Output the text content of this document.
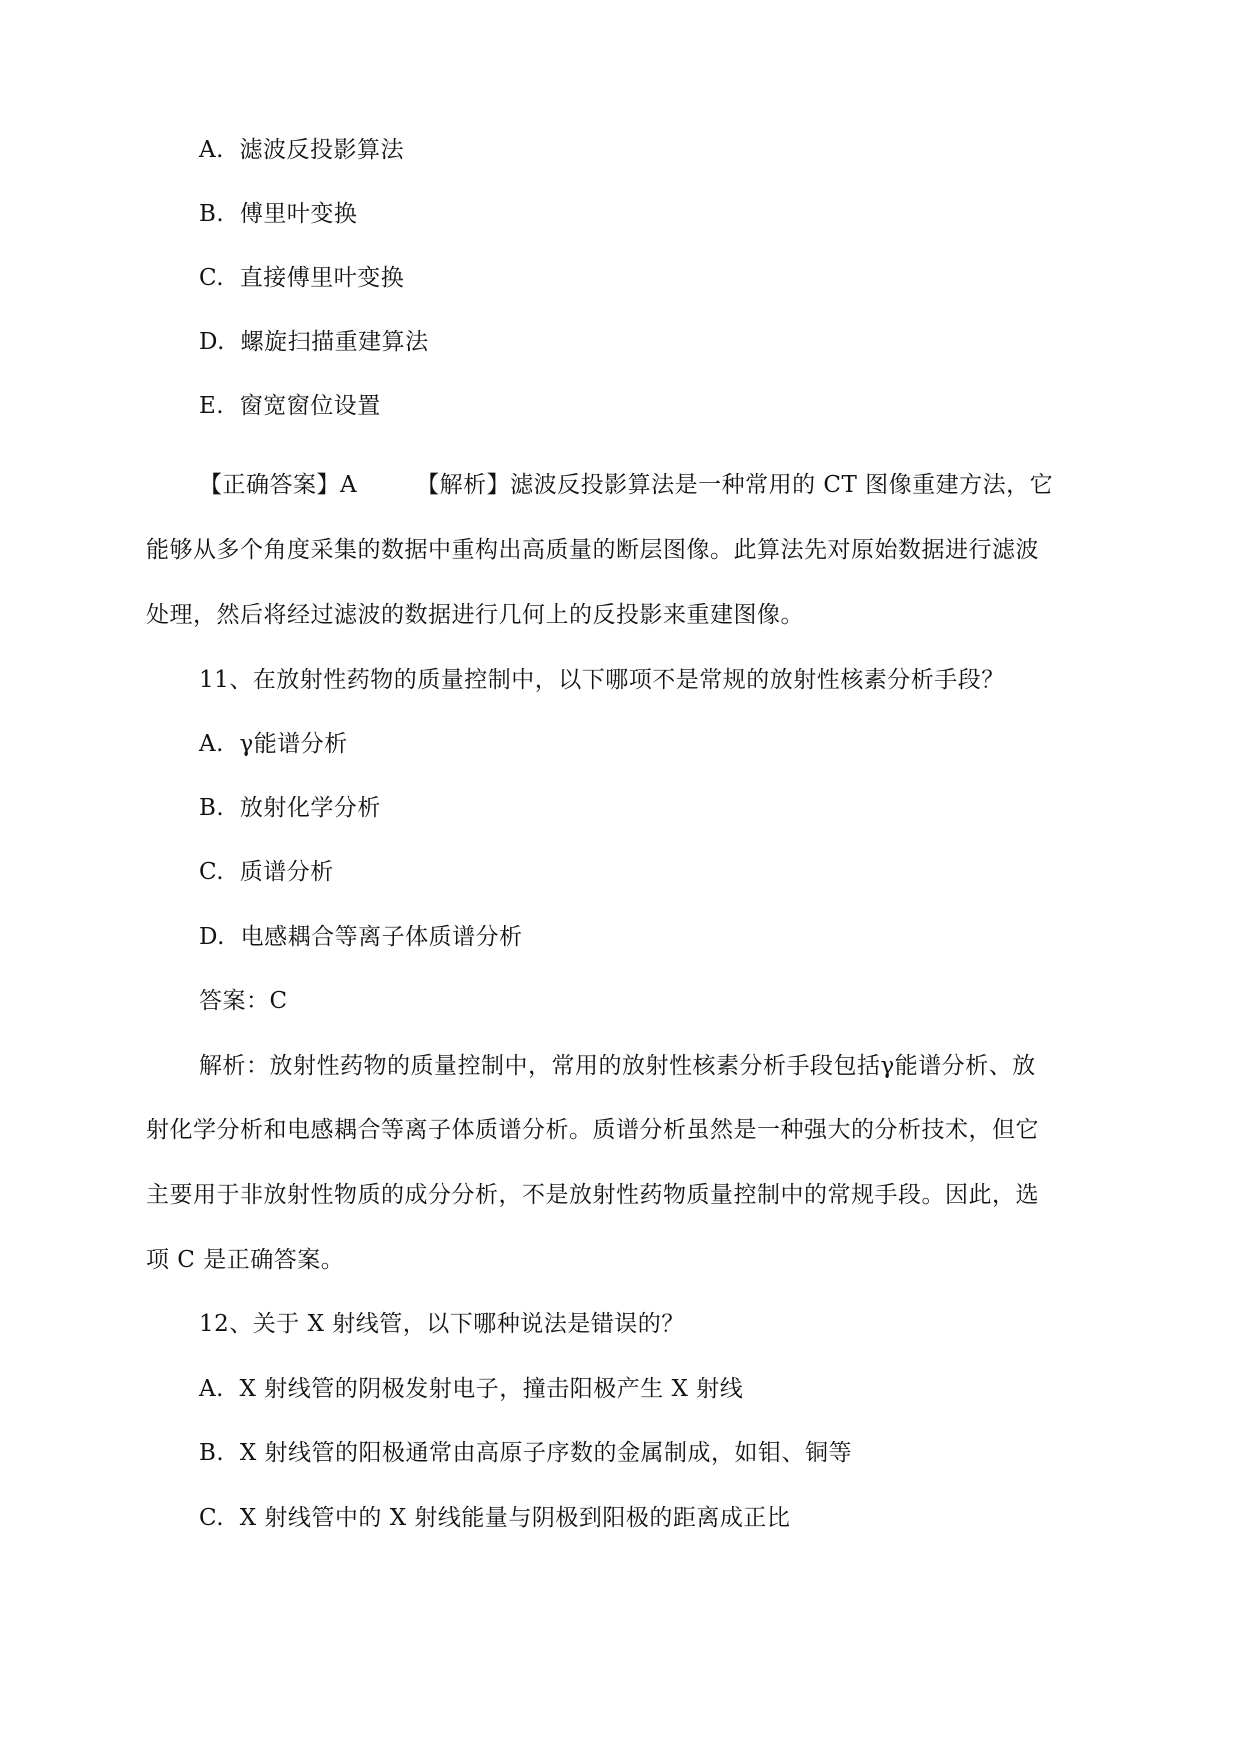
A. 滤波反投影算法
B. 傅里叶变换
C. 直接傅里叶变换
D. 螺旋扫描重建算法
E. 窗宽窗位设置
【正确答案】A　　　【解析】滤波反投影算法是一种常用的 CT 图像重建方法，它
能够从多个角度采集的数据中重构出高质量的断层图像。此算法先对原始数据进行滤波
处理，然后将经过滤波的数据进行几何上的反投影来重建图像。
11、在放射性药物的质量控制中，以下哪项不是常规的放射性核素分析手段？
A. γ能谱分析
B. 放射化学分析
C. 质谱分析
D. 电感耦合等离子体质谱分析
答案：C
解析：放射性药物的质量控制中，常用的放射性核素分析手段包括γ能谱分析、放
射化学分析和电感耦合等离子体质谱分析。质谱分析虽然是一种强大的分析技术，但它
主要用于非放射性物质的成分分析，不是放射性药物质量控制中的常规手段。因此，选
项 C 是正确答案。
12、关于 X 射线管，以下哪种说法是错误的？
A. X 射线管的阴极发射电子，撞击阳极产生 X 射线
B. X 射线管的阳极通常由高原子序数的金属制成，如钼、铜等
C. X 射线管中的 X 射线能量与阴极到阳极的距离成正比
